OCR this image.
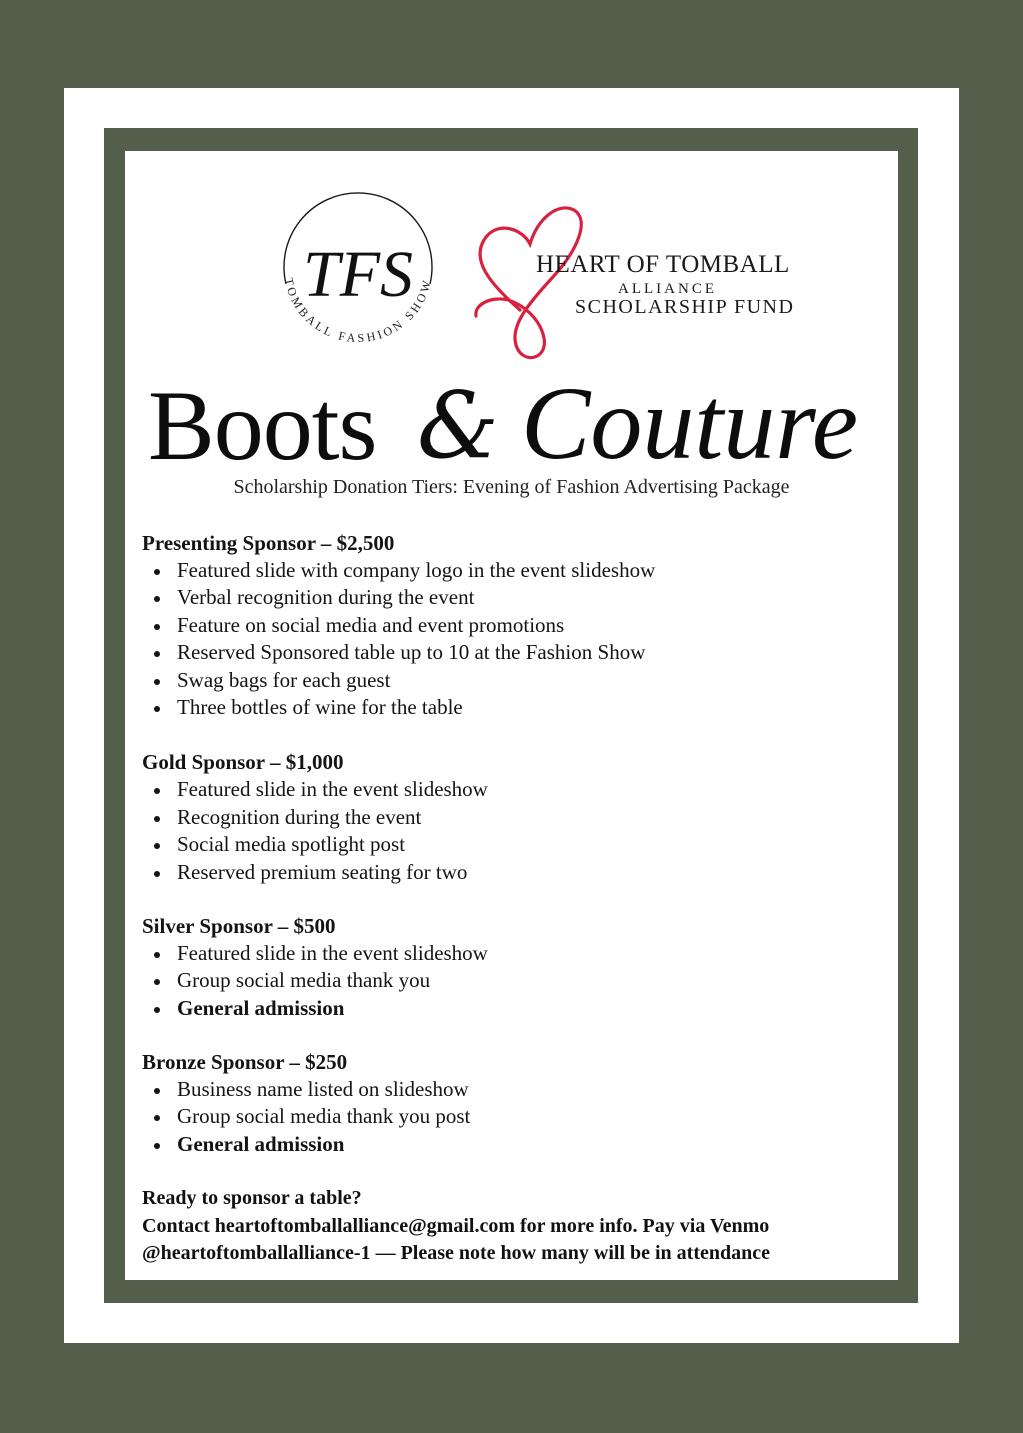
TFS
TOMBALL FASHION SHOW
HEART OF TOMBALL
ALLIANCE
SCHOLARSHIP FUND
Boots & Couture
Scholarship Donation Tiers: Evening of Fashion Advertising Package
Presenting Sponsor – $2,500
Featured slide with company logo in the event slideshow
Verbal recognition during the event
Feature on social media and event promotions
Reserved Sponsored table up to 10 at the Fashion Show
Swag bags for each guest
Three bottles of wine for the table
Gold Sponsor – $1,000
Featured slide in the event slideshow
Recognition during the event
Social media spotlight post
Reserved premium seating for two
Silver Sponsor – $500
Featured slide in the event slideshow
Group social media thank you
General admission
Bronze Sponsor – $250
Business name listed on slideshow
Group social media thank you post
General admission
Ready to sponsor a table?
Contact heartoftomballalliance@gmail.com for more info. Pay via Venmo
@heartoftomballalliance-1 — Please note how many will be in attendance
